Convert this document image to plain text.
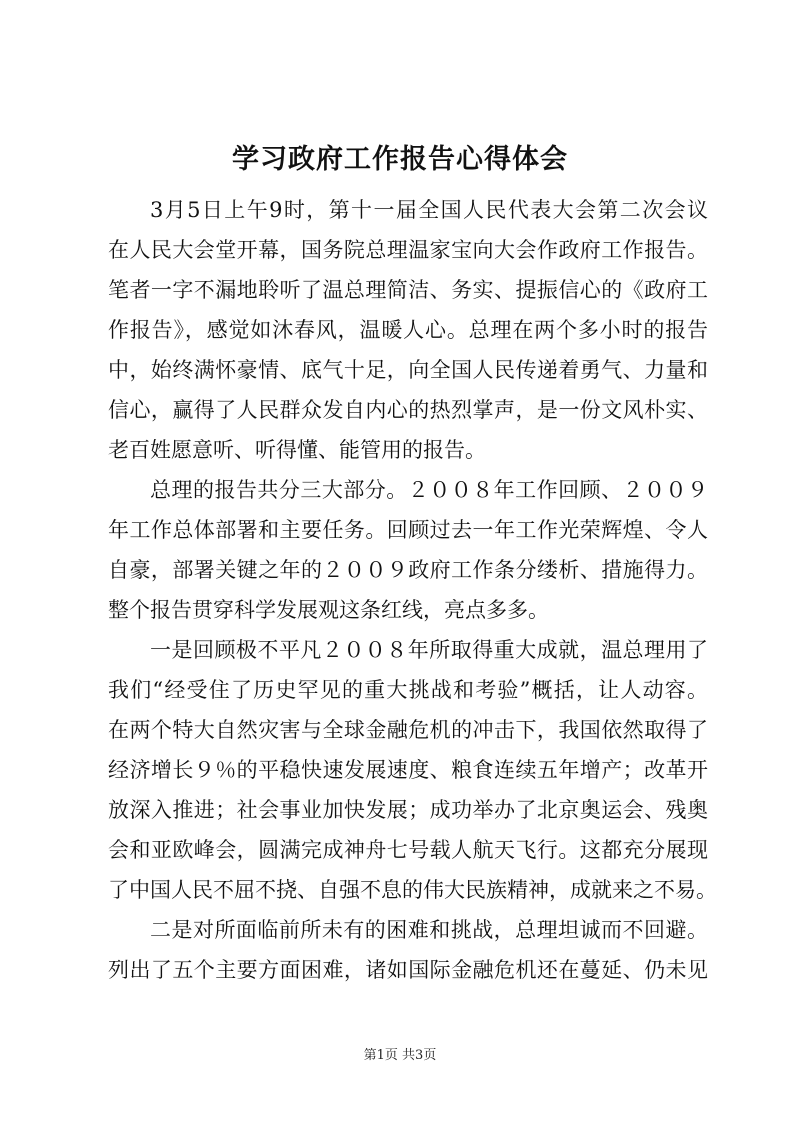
学习政府工作报告心得体会
3月5日上午9时，第十一届全国人民代表大会第二次会议
在人民大会堂开幕，国务院总理温家宝向大会作政府工作报告。
笔者一字不漏地聆听了温总理简洁、务实、提振信心的《政府工
作报告》，感觉如沐春风，温暖人心。总理在两个多小时的报告
中，始终满怀豪情、底气十足，向全国人民传递着勇气、力量和
信心，赢得了人民群众发自内心的热烈掌声，是一份文风朴实、
老百姓愿意听、听得懂、能管用的报告。
总理的报告共分三大部分。２００８年工作回顾、２００９
年工作总体部署和主要任务。回顾过去一年工作光荣辉煌、令人
自豪，部署关键之年的２００９政府工作条分缕析、措施得力。
整个报告贯穿科学发展观这条红线，亮点多多。
一是回顾极不平凡２００８年所取得重大成就，温总理用了
我们“经受住了历史罕见的重大挑战和考验”概括，让人动容。
在两个特大自然灾害与全球金融危机的冲击下，我国依然取得了
经济增长９％的平稳快速发展速度、粮食连续五年增产；改革开
放深入推进；社会事业加快发展；成功举办了北京奥运会、残奥
会和亚欧峰会，圆满完成神舟七号载人航天飞行。这都充分展现
了中国人民不屈不挠、自强不息的伟大民族精神，成就来之不易。
二是对所面临前所未有的困难和挑战，总理坦诚而不回避。
列出了五个主要方面困难，诸如国际金融危机还在蔓延、仍未见
第1页 共3页
